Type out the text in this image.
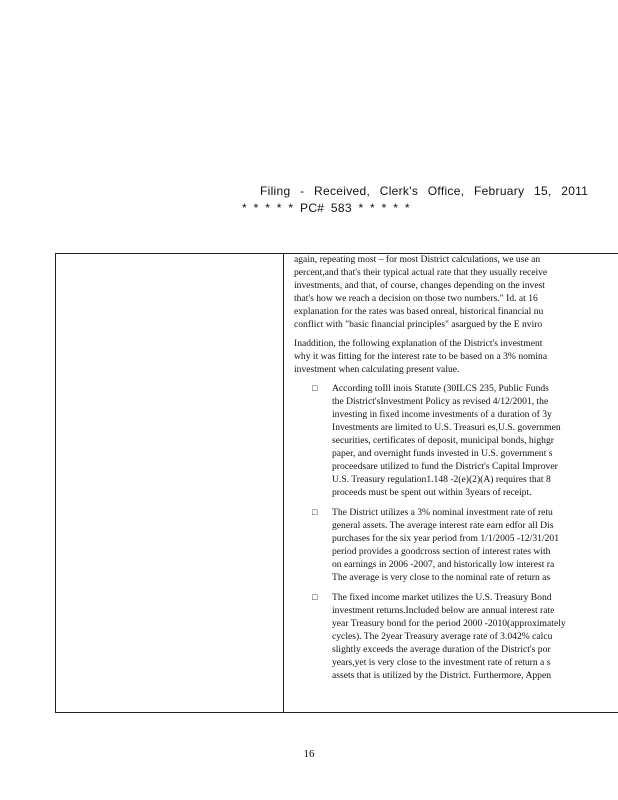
Filing - Received, Clerk's Office, February 15, 2011
* * * * * PC# 583 * * * * *
again, repeating most – for most District calculations, we use an
percent,and that's their typical actual rate that they usually receive
investments, and that, of course, changes depending on the invest
that's how we reach a decision on those two numbers." Id. at 16
explanation for the rates was based onreal, historical financial nu
conflict with "basic financial principles" asargued by the E nviro
Inaddition, the following explanation of the District's investment
why it was fitting for the interest rate to be based on a 3% nomina
investment when calculating present value.
□ According toIll inois Statute (30ILCS 235, Public Funds
the District'sInvestment Policy as revised 4/12/2001, the
investing in fixed income investments of a duration of 3y
Investments are limited to U.S. Treasuri es,U.S. governmen
securities, certificates of deposit, municipal bonds, highgr
paper, and overnight funds invested in U.S. government s
proceedsare utilized to fund the District's Capital Improver
U.S. Treasury regulation1.148 -2(e)(2)(A) requires that 8
proceeds must be spent out within 3years of receipt.
□ The District utilizes a 3% nominal investment rate of retu
general assets. The average interest rate earn edfor all Dis
purchases for the six year period from 1/1/2005 -12/31/201
period provides a goodcross section of interest rates with
on earnings in 2006 -2007, and historically low interest ra
The average is very close to the nominal rate of return as
□ The fixed income market utilizes the U.S. Treasury Bond
investment returns.Included below are annual interest rate
year Treasury bond for the period 2000 -2010(approximately
cycles). The 2year Treasury average rate of 3.042% calcu
slightly exceeds the average duration of the District's por
years,yet is very close to the investment rate of return a s
assets that is utilized by the District. Furthermore, Appen
16
